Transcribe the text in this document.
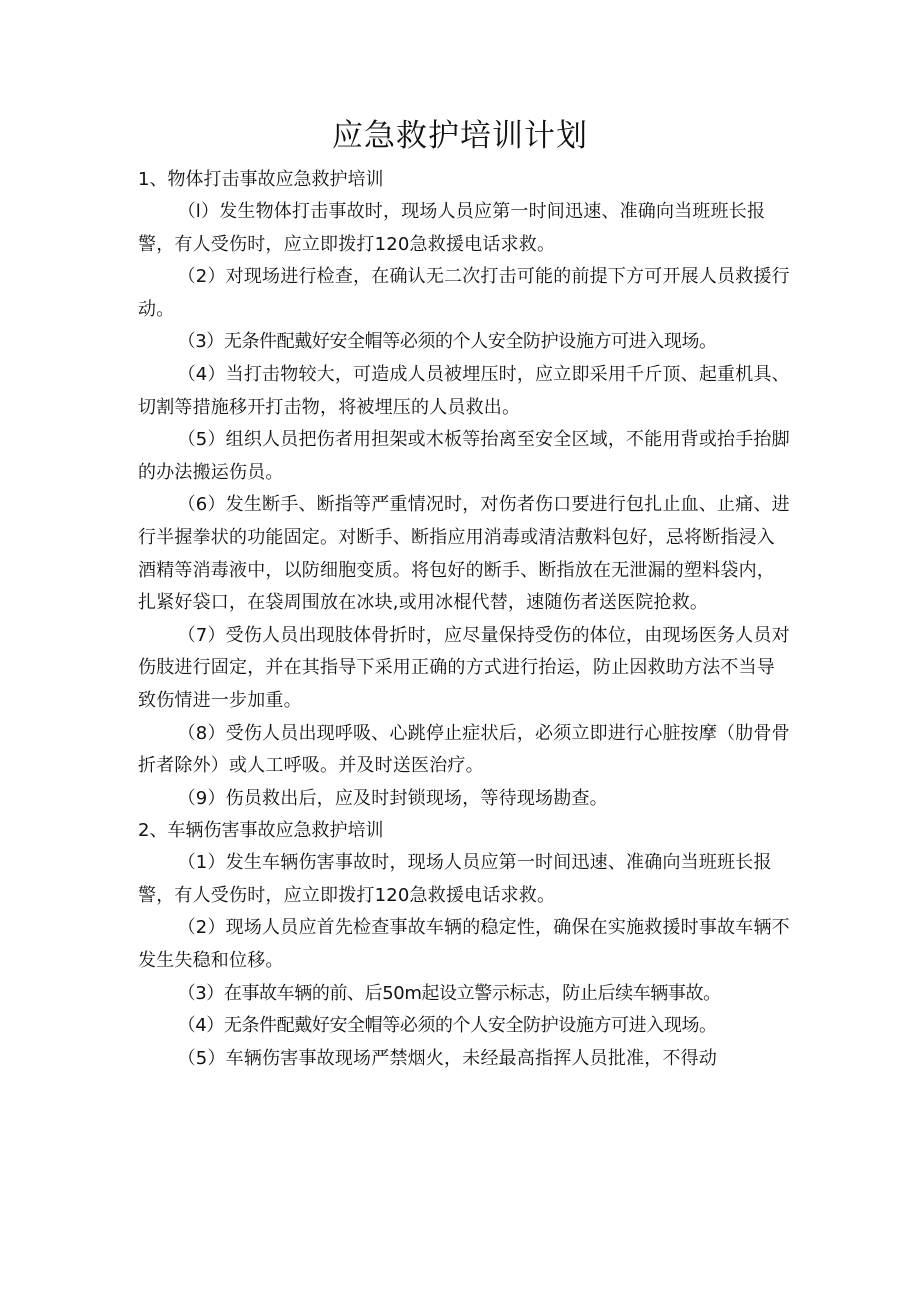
应急救护培训计划

1、物体打击事故应急救护培训

（l）发生物体打击事故时，现场人员应第一时间迅速、准确向当班班长报警，有人受伤时，应立即拨打120急救援电话求救。

（2）对现场进行检查，在确认无二次打击可能的前提下方可开展人员救援行动。

（3）无条件配戴好安全帽等必须的个人安全防护设施方可进入现场。

（4）当打击物较大，可造成人员被埋压时，应立即采用千斤顶、起重机具、切割等措施移开打击物，将被埋压的人员救出。

（5）组织人员把伤者用担架或木板等抬离至安全区域，不能用背或抬手抬脚的办法搬运伤员。

（6）发生断手、断指等严重情况时，对伤者伤口要进行包扎止血、止痛、进行半握拳状的功能固定。对断手、断指应用消毒或清洁敷料包好，忌将断指浸入酒精等消毒液中，以防细胞变质。将包好的断手、断指放在无泄漏的塑料袋内，扎紧好袋口，在袋周围放在冰块,或用冰棍代替，速随伤者送医院抢救。

（7）受伤人员出现肢体骨折时，应尽量保持受伤的体位，由现场医务人员对伤肢进行固定，并在其指导下采用正确的方式进行抬运，防止因救助方法不当导致伤情进一步加重。

（8）受伤人员出现呼吸、心跳停止症状后，必须立即进行心脏按摩（肋骨骨折者除外）或人工呼吸。并及时送医治疗。

（9）伤员救出后，应及时封锁现场，等待现场勘查。

2、车辆伤害事故应急救护培训

（1）发生车辆伤害事故时，现场人员应第一时间迅速、准确向当班班长报警，有人受伤时，应立即拨打120急救援电话求救。

（2）现场人员应首先检查事故车辆的稳定性，确保在实施救援时事故车辆不发生失稳和位移。

（3）在事故车辆的前、后50m起设立警示标志，防止后续车辆事故。

（4）无条件配戴好安全帽等必须的个人安全防护设施方可进入现场。

（5）车辆伤害事故现场严禁烟火，未经最高指挥人员批准，不得动
